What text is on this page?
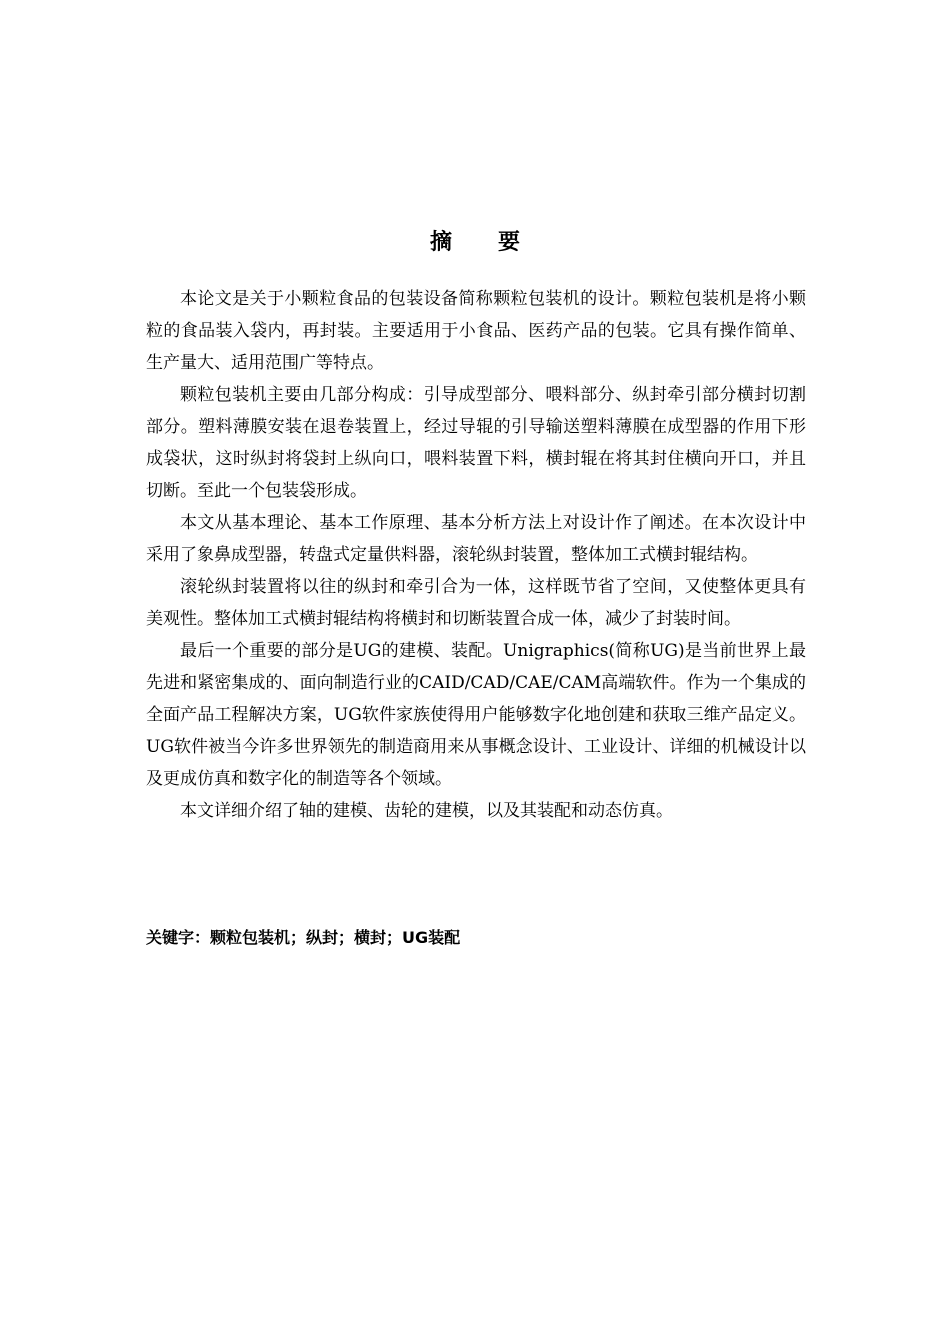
摘 要

本论文是关于小颗粒食品的包装设备简称颗粒包装机的设计。颗粒包装机是将小颗粒的食品装入袋内，再封装。主要适用于小食品、医药产品的包装。它具有操作简单、生产量大、适用范围广等特点。

颗粒包装机主要由几部分构成：引导成型部分、喂料部分、纵封牵引部分横封切割部分。塑料薄膜安装在退卷装置上，经过导辊的引导输送塑料薄膜在成型器的作用下形成袋状，这时纵封将袋封上纵向口，喂料装置下料，横封辊在将其封住横向开口，并且切断。至此一个包装袋形成。

本文从基本理论、基本工作原理、基本分析方法上对设计作了阐述。在本次设计中采用了象鼻成型器，转盘式定量供料器，滚轮纵封装置，整体加工式横封辊结构。

滚轮纵封装置将以往的纵封和牵引合为一体，这样既节省了空间，又使整体更具有美观性。整体加工式横封辊结构将横封和切断装置合成一体，减少了封装时间。

最后一个重要的部分是UG的建模、装配。Unigraphics(简称UG)是当前世界上最先进和紧密集成的、面向制造行业的CAID/CAD/CAE/CAM高端软件。作为一个集成的全面产品工程解决方案，UG软件家族使得用户能够数字化地创建和获取三维产品定义。UG软件被当今许多世界领先的制造商用来从事概念设计、工业设计、详细的机械设计以及更成仿真和数字化的制造等各个领域。

本文详细介绍了轴的建模、齿轮的建模，以及其装配和动态仿真。

关键字：颗粒包装机；纵封；横封；UG装配
